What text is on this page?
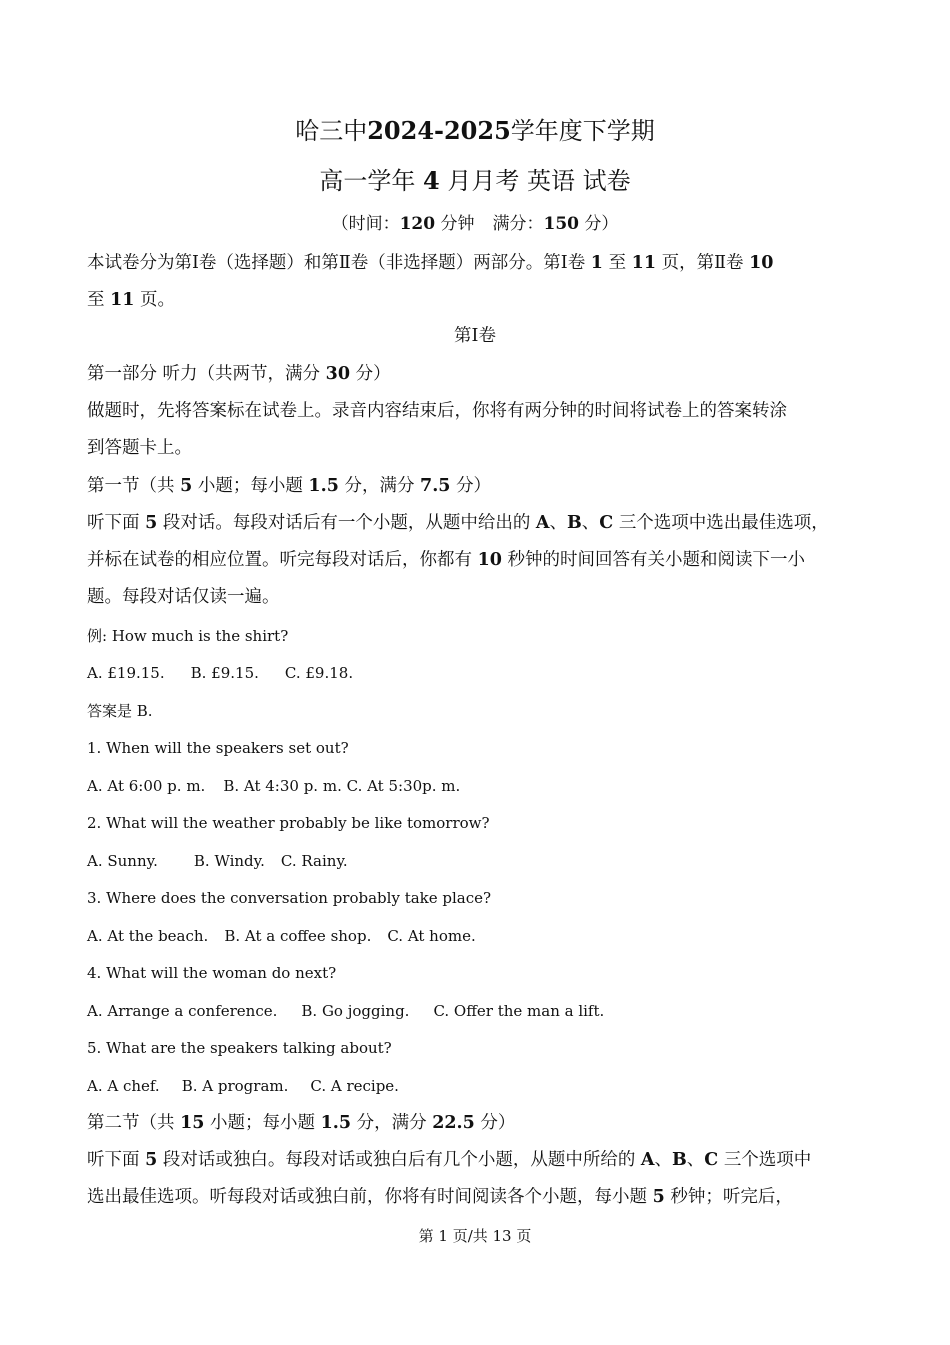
哈三中2024-2025学年度下学期
高一学年 4 月月考 英语 试卷
（时间：120 分钟 满分：150 分）
本试卷分为第Ⅰ卷（选择题）和第Ⅱ卷（非选择题）两部分。第Ⅰ卷 1 至 11 页，第Ⅱ卷 10
至 11 页。
第Ⅰ卷
第一部分 听力（共两节，满分 30 分）
做题时，先将答案标在试卷上。录音内容结束后，你将有两分钟的时间将试卷上的答案转涂
到答题卡上。
第一节（共 5 小题；每小题 1.5 分，满分 7.5 分）
听下面 5 段对话。每段对话后有一个小题，从题中给出的 A、B、C 三个选项中选出最佳选项，
并标在试卷的相应位置。听完每段对话后，你都有 10 秒钟的时间回答有关小题和阅读下一小
题。每段对话仅读一遍。
例: How much is the shirt?
A. £19.15. B. £9.15. C. £9.18.
答案是 B.
1. When will the speakers set out?
A. At 6:00 p. m. B. At 4:30 p. m. C. At 5:30p. m.
2. What will the weather probably be like tomorrow?
A. Sunny. B. Windy. C. Rainy.
3. Where does the conversation probably take place?
A. At the beach. B. At a coffee shop. C. At home.
4. What will the woman do next?
A. Arrange a conference. B. Go jogging. C. Offer the man a lift.
5. What are the speakers talking about?
A. A chef. B. A program. C. A recipe.
第二节（共 15 小题；每小题 1.5 分，满分 22.5 分）
听下面 5 段对话或独白。每段对话或独白后有几个小题，从题中所给的 A、B、C 三个选项中
选出最佳选项。听每段对话或独白前，你将有时间阅读各个小题，每小题 5 秒钟；听完后，
第 1 页/共 13 页
